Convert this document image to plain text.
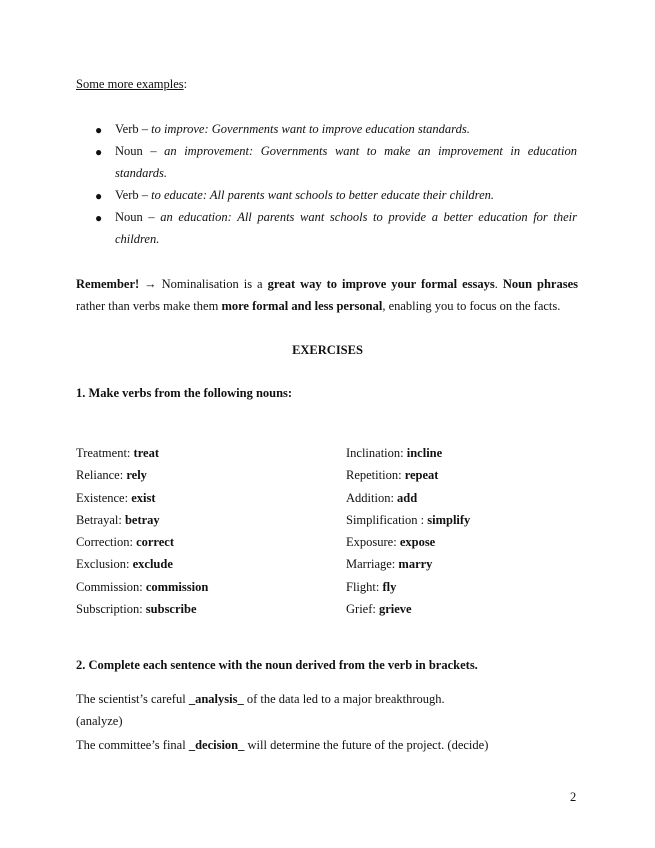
Some more examples:
● Verb – to improve: Governments want to improve education standards.
● Noun – an improvement: Governments want to make an improvement in education standards.
● Verb – to educate: All parents want schools to better educate their children.
● Noun – an education: All parents want schools to provide a better education for their children.
Remember! → Nominalisation is a great way to improve your formal essays. Noun phrases rather than verbs make them more formal and less personal, enabling you to focus on the facts.
EXERCISES
1. Make verbs from the following nouns:
Treatment: treat
Reliance: rely
Existence: exist
Betrayal: betray
Correction: correct
Exclusion: exclude
Commission: commission
Subscription: subscribe
Inclination: incline
Repetition: repeat
Addition: add
Simplification : simplify
Exposure: expose
Marriage: marry
Flight: fly
Grief: grieve
2. Complete each sentence with the noun derived from the verb in brackets.
The scientist’s careful _analysis_ of the data led to a major breakthrough.
(analyze)
The committee’s final _decision_ will determine the future of the project. (decide)
2
